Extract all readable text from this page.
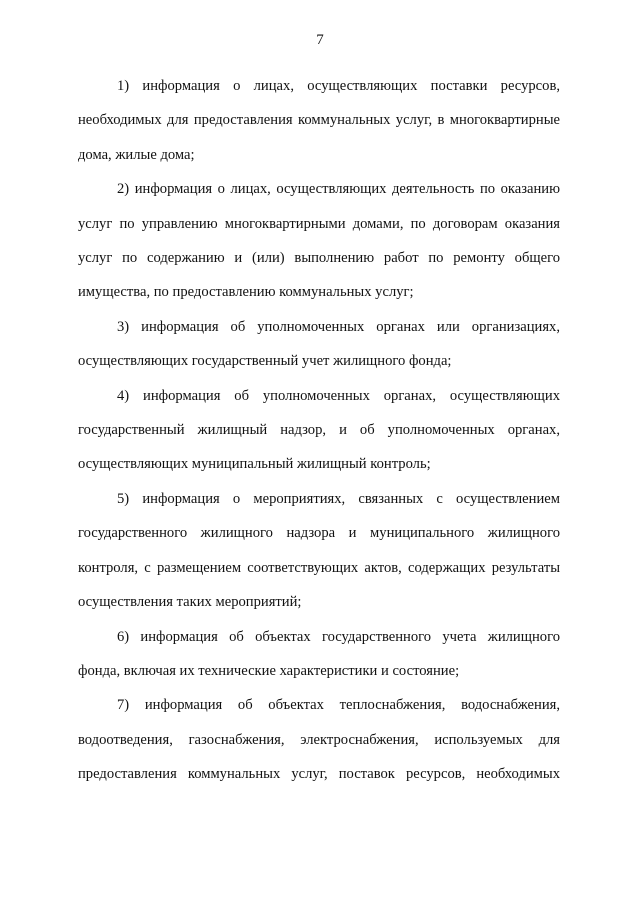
7

1) информация о лицах, осуществляющих поставки ресурсов, необходимых для предоставления коммунальных услуг, в многоквартирные дома, жилые дома;

2) информация о лицах, осуществляющих деятельность по оказанию услуг по управлению многоквартирными домами, по договорам оказания услуг по содержанию и (или) выполнению работ по ремонту общего имущества, по предоставлению коммунальных услуг;

3) информация об уполномоченных органах или организациях, осуществляющих государственный учет жилищного фонда;

4) информация об уполномоченных органах, осуществляющих государственный жилищный надзор, и об уполномоченных органах, осуществляющих муниципальный жилищный контроль;

5) информация о мероприятиях, связанных с осуществлением государственного жилищного надзора и муниципального жилищного контроля, с размещением соответствующих актов, содержащих результаты осуществления таких мероприятий;

6) информация об объектах государственного учета жилищного фонда, включая их технические характеристики и состояние;

7) информация об объектах теплоснабжения, водоснабжения, водоотведения, газоснабжения, электроснабжения, используемых для предоставления коммунальных услуг, поставок ресурсов, необходимых
